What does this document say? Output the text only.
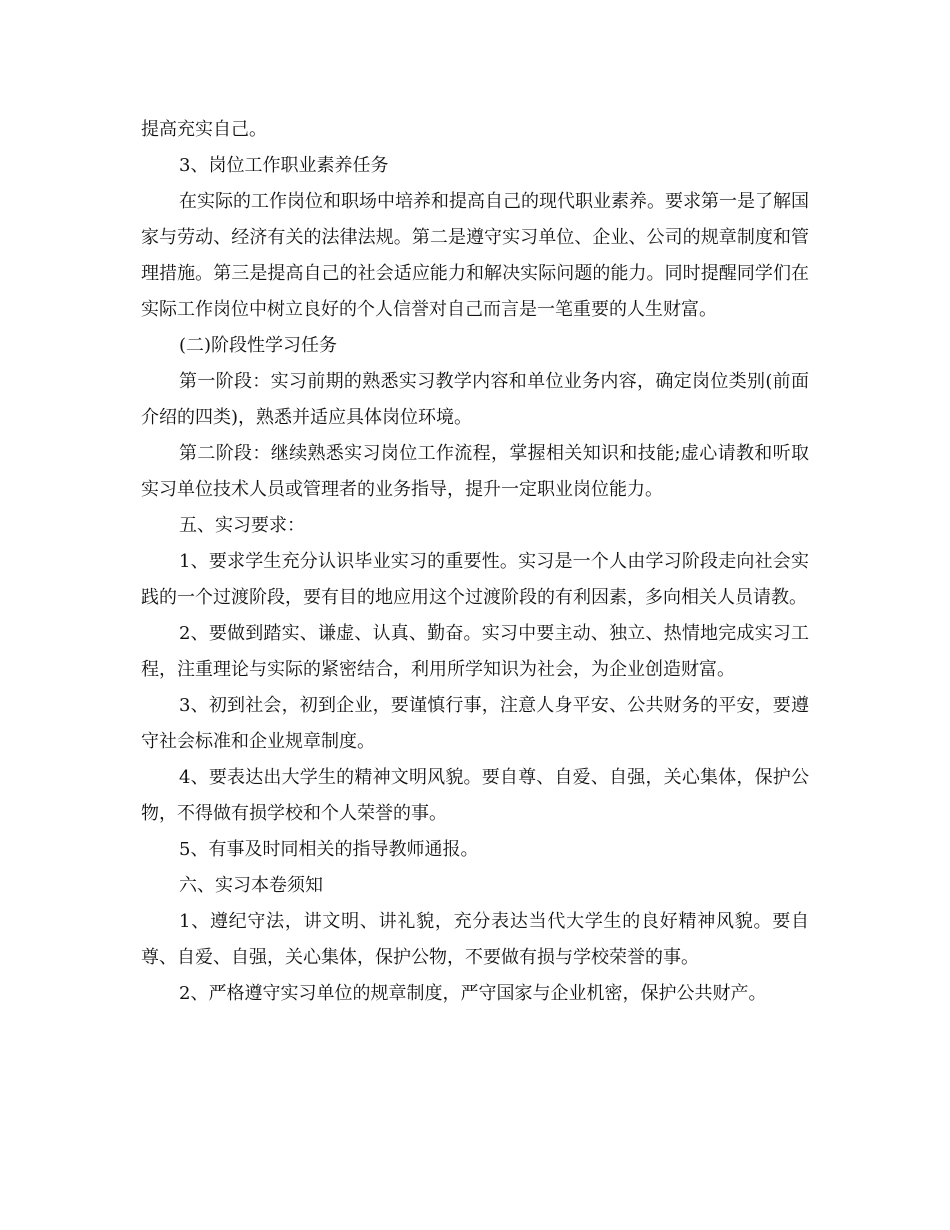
提高充实自己。

3、岗位工作职业素养任务

在实际的工作岗位和职场中培养和提高自己的现代职业素养。要求第一是了解国家与劳动、经济有关的法律法规。第二是遵守实习单位、企业、公司的规章制度和管理措施。第三是提高自己的社会适应能力和解决实际问题的能力。同时提醒同学们在实际工作岗位中树立良好的个人信誉对自己而言是一笔重要的人生财富。

(二)阶段性学习任务

第一阶段：实习前期的熟悉实习教学内容和单位业务内容，确定岗位类别(前面介绍的四类)，熟悉并适应具体岗位环境。

第二阶段：继续熟悉实习岗位工作流程，掌握相关知识和技能;虚心请教和听取实习单位技术人员或管理者的业务指导，提升一定职业岗位能力。

五、实习要求：

1、要求学生充分认识毕业实习的重要性。实习是一个人由学习阶段走向社会实践的一个过渡阶段，要有目的地应用这个过渡阶段的有利因素，多向相关人员请教。

2、要做到踏实、谦虚、认真、勤奋。实习中要主动、独立、热情地完成实习工程，注重理论与实际的紧密结合，利用所学知识为社会，为企业创造财富。

3、初到社会，初到企业，要谨慎行事，注意人身平安、公共财务的平安，要遵守社会标准和企业规章制度。

4、要表达出大学生的精神文明风貌。要自尊、自爱、自强，关心集体，保护公物，不得做有损学校和个人荣誉的事。

5、有事及时同相关的指导教师通报。

六、实习本卷须知

1、遵纪守法，讲文明、讲礼貌，充分表达当代大学生的良好精神风貌。要自尊、自爱、自强，关心集体，保护公物，不要做有损与学校荣誉的事。

2、严格遵守实习单位的规章制度，严守国家与企业机密，保护公共财产。
